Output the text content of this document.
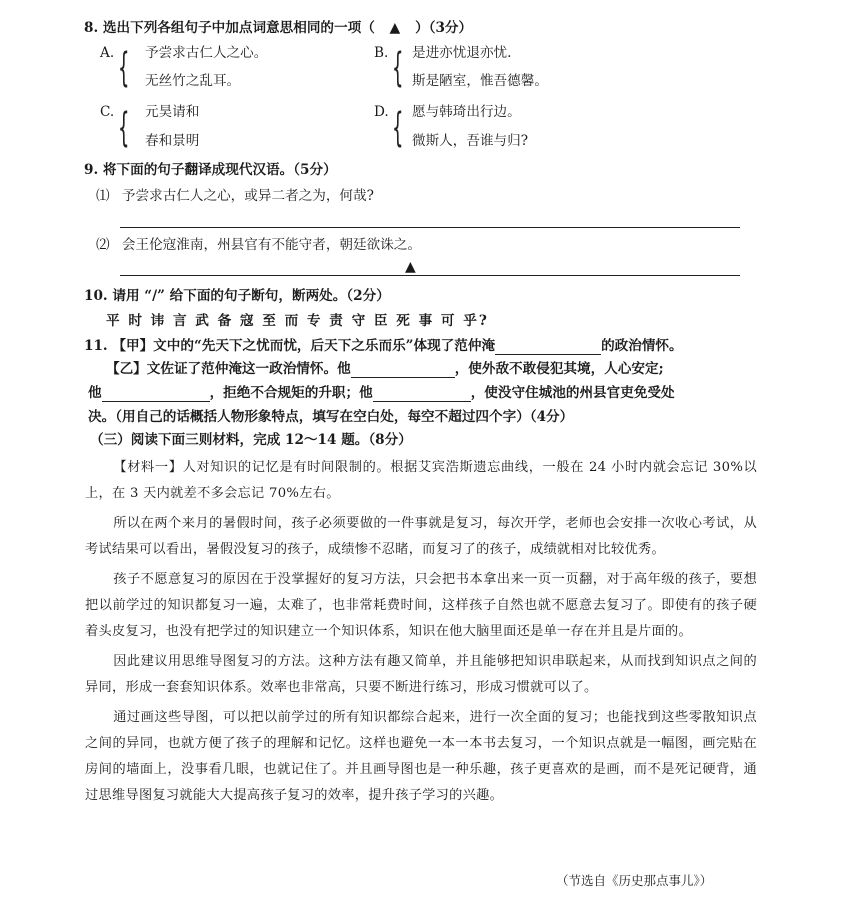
8. 选出下列各组句子中加点词意思相同的一项（ ▲ ）（3分）
A. { 予尝求古仁人之心。
无丝竹之乱耳。
B. { 是进亦忧退亦忧.
斯是陋室，惟吾德馨。
C. { 元昊请和
春和景明
D. { 愿与韩琦出行边。
微斯人，吾谁与归?
9. 将下面的句子翻译成现代汉语。（5分）
⑴ 予尝求古仁人之心，或异二者之为，何哉?
⑵ 会王伦寇淮南，州县官有不能守者，朝廷欲诛之。
▲
10. 请用 “/” 给下面的句子断句，断两处。（2分）
平 时 讳 言 武 备 寇 至 而 专 责 守 臣 死 事 可 乎?
11. 【甲】文中的“先天下之忧而忧，后天下之乐而乐”体现了范仲淹	的政治情怀。
【乙】文佐证了范仲淹这一政治情怀。他	，使外敌不敢侵犯其境，人心安定;
他	，拒绝不合规矩的升职；他	，使没守住城池的州县官吏免受处
决。（用自己的话概括人物形象特点，填写在空白处，每空不超过四个字）（4分）
（三）阅读下面三则材料，完成 12～14 题。（8分）

【材料一】人对知识的记忆是有时间限制的。根据艾宾浩斯遗忘曲线，一般在 24 小时内就会忘记 30%以上，在 3 天内就差不多会忘记 70%左右。

所以在两个来月的暑假时间，孩子必须要做的一件事就是复习，每次开学，老师也会安排一次收心考试，从考试结果可以看出，暑假没复习的孩子，成绩惨不忍睹，而复习了的孩子，成绩就相对比较优秀。

孩子不愿意复习的原因在于没掌握好的复习方法，只会把书本拿出来一页一页翻，对于高年级的孩子，要想把以前学过的知识都复习一遍，太难了，也非常耗费时间，这样孩子自然也就不愿意去复习了。即使有的孩子硬着头皮复习，也没有把学过的知识建立一个知识体系，知识在他大脑里面还是单一存在并且是片面的。

因此建议用思维导图复习的方法。这种方法有趣又简单，并且能够把知识串联起来，从而找到知识点之间的异同，形成一套套知识体系。效率也非常高，只要不断进行练习，形成习惯就可以了。

通过画这些导图，可以把以前学过的所有知识都综合起来，进行一次全面的复习；也能找到这些零散知识点之间的异同，也就方便了孩子的理解和记忆。这样也避免一本一本书去复习，一个知识点就是一幅图，画完贴在房间的墙面上，没事看几眼，也就记住了。并且画导图也是一种乐趣，孩子更喜欢的是画，而不是死记硬背，通过思维导图复习就能大大提高孩子复习的效率，提升孩子学习的兴趣。

（节选自《历史那点事儿》）
